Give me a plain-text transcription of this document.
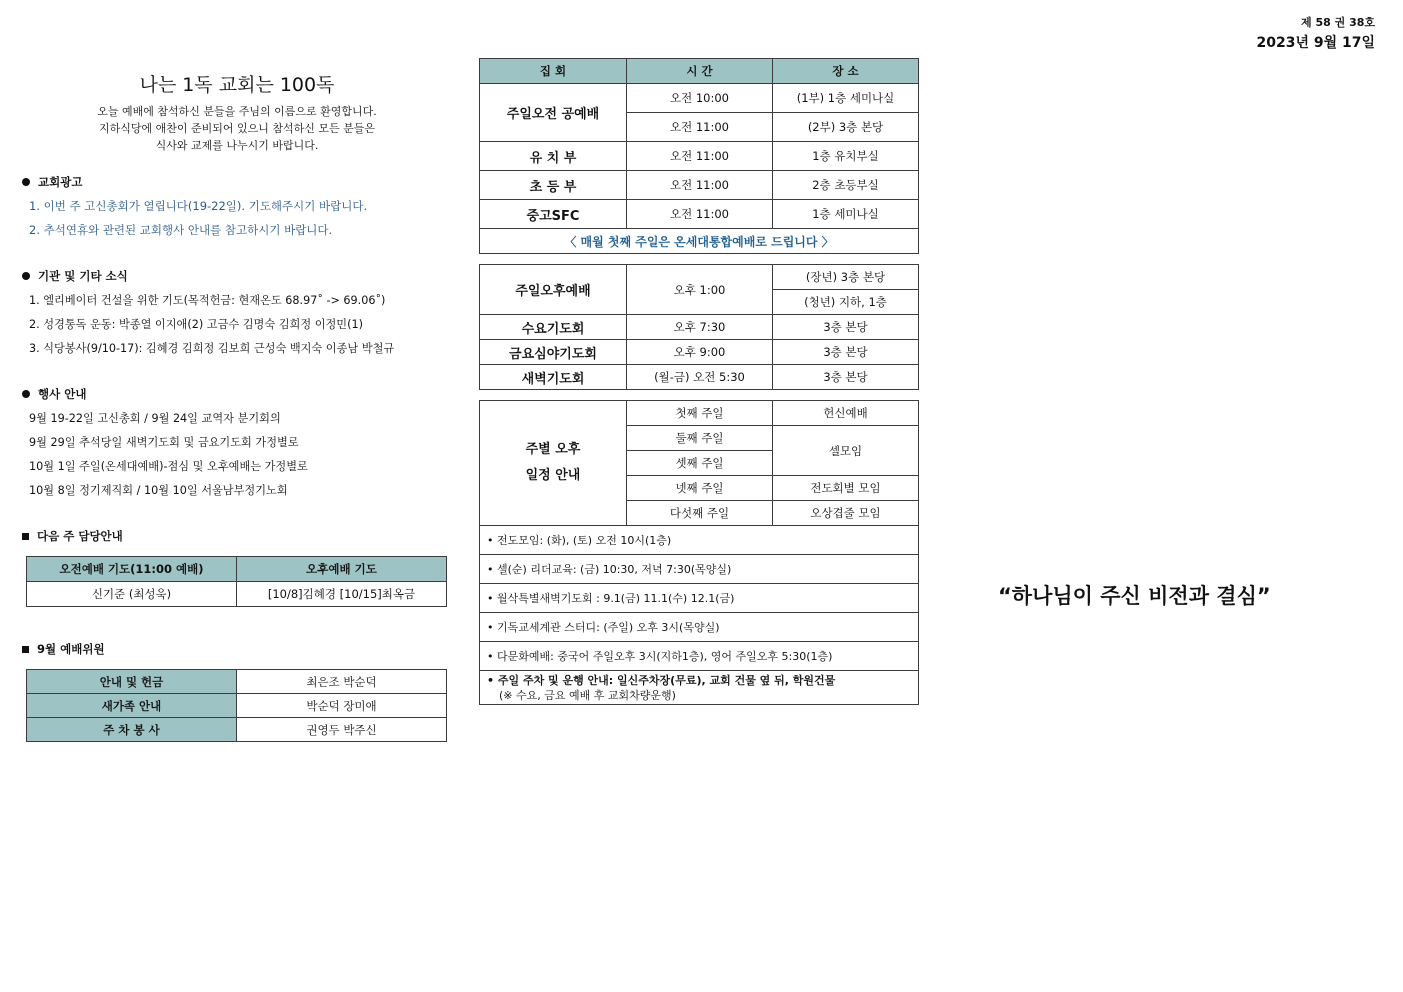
제 58 권 38호
2023년 9월 17일
나는 1독 교회는 100독
오늘 예배에 참석하신 분들을 주님의 이름으로 환영합니다.
지하식당에 애찬이 준비되어 있으니 참석하신 모든 분들은
식사와 교제를 나누시기 바랍니다.
교회광고
1. 이번 주 고신총회가 열립니다(19-22일). 기도해주시기 바랍니다.
2. 추석연휴와 관련된 교회행사 안내를 참고하시기 바랍니다.
기관 및 기타 소식
1. 엘리베이터 건설을 위한 기도(목적헌금: 현재온도 68.97˚ -> 69.06˚)
2. 성경통독 운동: 박종열 이지애(2) 고금수 김명숙 김희정 이정민(1)
3. 식당봉사(9/10-17): 김혜경 김희정 김보희 근성숙 백지숙 이종남 박철규
행사 안내
9월 19-22일 고신총회 / 9월 24일 교역자 분기회의
9월 29일 추석당일 새벽기도회 및 금요기도회 가정별로
10월 1일 주일(온세대예배)-점심 및 오후예배는 가정별로
10월 8일 정기제직회 / 10월 10일 서울남부정기노회
다음 주 담당안내
오전예배 기도(11:00 예배)	오후예배 기도
신기준 (최성욱)	[10/8]김혜경 [10/15]최옥금
9월 예배위원
안내 및 헌금	최은조 박순덕
새가족 안내	박순덕 장미애
주 차 봉 사	권영두 박주신
집 회	시 간	장 소
주일오전 공예배	오전 10:00	(1부) 1층 세미나실
	오전 11:00	(2부) 3층 본당
유 치 부	오전 11:00	1층 유치부실
초 등 부	오전 11:00	2층 초등부실
중고SFC	오전 11:00	1층 세미나실
〈 매월 첫째 주일은 온세대통합예배로 드립니다 〉		
주일오후예배	오후 1:00	(장년) 3층 본당
		(청년) 지하, 1층
수요기도회	오후 7:30	3층 본당
금요심야기도회	오후 9:00	3층 본당
새벽기도회	(월-금) 오전 5:30	3층 본당
주별 오후
일정 안내	첫째 주일	헌신예배
	둘째 주일	셀모임
	셋째 주일	
	넷째 주일	전도회별 모임
	다섯째 주일	오상겹줄 모임
• 전도모임: (화), (토) 오전 10시(1층)		
• 셀(순) 리더교육: (금) 10:30, 저녁 7:30(목양실)		
• 월삭특별새벽기도회 : 9.1(금) 11.1(수) 12.1(금)		
• 기독교세계관 스터디: (주일) 오후 3시(목양실)		
• 다문화예배: 중국어 주일오후 3시(지하1층), 영어 주일오후 5:30(1층)		

• 주일 주차 및 운행 안내: 일신주차장(무료), 교회 건물 옆 뒤, 학원건물
(※ 수요, 금요 예배 후 교회차량운행)		
“하나님이 주신 비전과 결심”
